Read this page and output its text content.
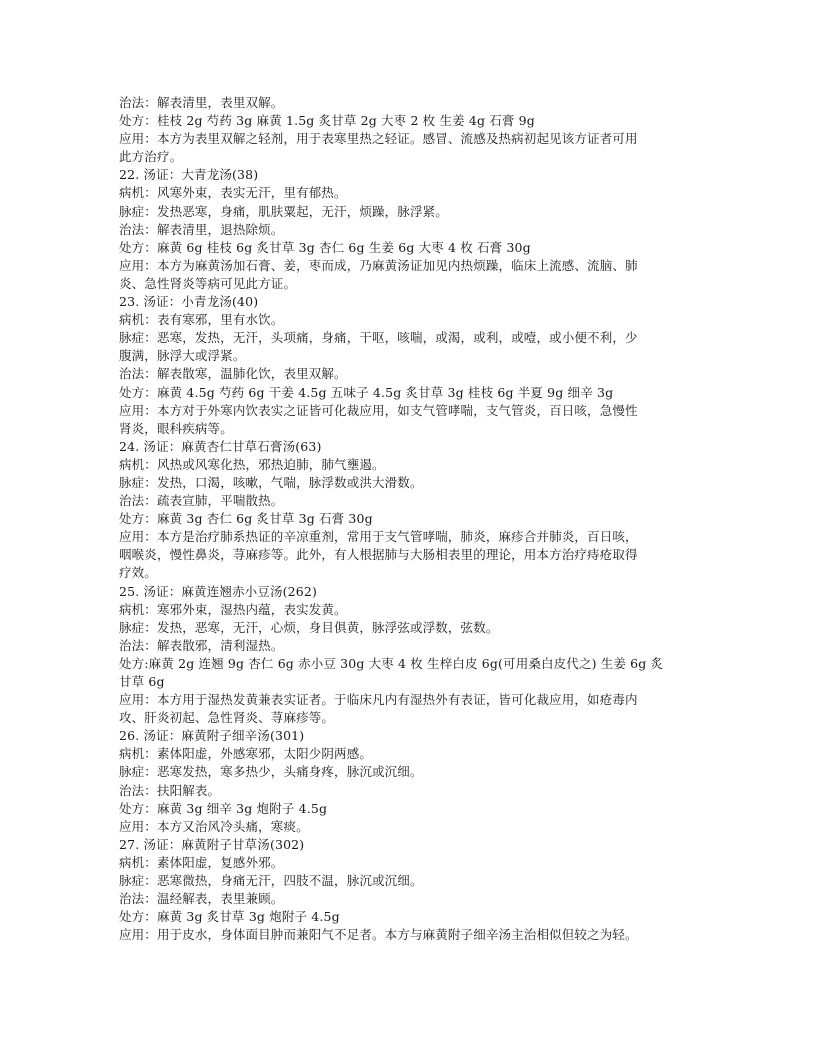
治法：解表清里，表里双解。
处方：桂枝 2g 芍药 3g 麻黄 1.5g 炙甘草 2g 大枣 2 枚 生姜 4g 石膏 9g
应用：本方为表里双解之轻剂，用于表寒里热之轻证。感冒、流感及热病初起见该方证者可用
此方治疗。
22. 汤证：大青龙汤(38)
病机：风寒外束，表实无汗，里有郁热。
脉症：发热恶寒，身痛，肌肤粟起，无汗，烦躁，脉浮紧。
治法：解表清里，退热除烦。
处方：麻黄 6g 桂枝 6g 炙甘草 3g 杏仁 6g 生姜 6g 大枣 4 枚 石膏 30g
应用：本方为麻黄汤加石膏、姜，枣而成，乃麻黄汤证加见内热烦躁，临床上流感、流脑、肺
炎、急性肾炎等病可见此方证。
23. 汤证：小青龙汤(40)
病机：表有寒邪，里有水饮。
脉症：恶寒，发热，无汗，头项痛，身痛，干呕，咳喘，或渴，或利，或噎，或小便不利，少
腹满，脉浮大或浮紧。
治法：解表散寒，温肺化饮，表里双解。
处方：麻黄 4.5g 芍药 6g 干姜 4.5g 五味子 4.5g 炙甘草 3g 桂枝 6g 半夏 9g 细辛 3g
应用：本方对于外寒内饮表实之证皆可化裁应用，如支气管哮喘，支气管炎，百日咳，急慢性
肾炎，眼科疾病等。
24. 汤证：麻黄杏仁甘草石膏汤(63)
病机：风热或风寒化热，邪热迫肺，肺气壅遏。
脉症：发热，口渴，咳嗽，气喘，脉浮数或洪大滑数。
治法：疏表宣肺，平喘散热。
处方：麻黄 3g 杏仁 6g 炙甘草 3g 石膏 30g
应用：本方是治疗肺系热证的辛凉重剂，常用于支气管哮喘，肺炎，麻疹合并肺炎，百日咳，
咽喉炎，慢性鼻炎，荨麻疹等。此外，有人根据肺与大肠相表里的理论，用本方治疗痔疮取得
疗效。
25. 汤证：麻黄连翘赤小豆汤(262)
病机：寒邪外束，湿热内蕴，表实发黄。
脉症：发热，恶寒，无汗，心烦，身目俱黄，脉浮弦或浮数，弦数。
治法：解表散邪，清利湿热。
处方:麻黄 2g 连翘 9g 杏仁 6g 赤小豆 30g 大枣 4 枚 生梓白皮 6g(可用桑白皮代之) 生姜 6g 炙
甘草 6g
应用：本方用于湿热发黄兼表实证者。于临床凡内有湿热外有表证，皆可化裁应用，如疮毒内
攻、肝炎初起、急性肾炎、荨麻疹等。
26. 汤证：麻黄附子细辛汤(301)
病机：素体阳虚，外感寒邪，太阳少阴两感。
脉症：恶寒发热，寒多热少，头痛身疼，脉沉或沉细。
治法：扶阳解表。
处方：麻黄 3g 细辛 3g 炮附子 4.5g
应用：本方又治风冷头痛，寒痰。
27. 汤证：麻黄附子甘草汤(302)
病机：素体阳虚，复感外邪。
脉症：恶寒微热，身痛无汗，四肢不温，脉沉或沉细。
治法：温经解表，表里兼顾。
处方：麻黄 3g 炙甘草 3g 炮附子 4.5g
应用：用于皮水，身体面目肿而兼阳气不足者。本方与麻黄附子细辛汤主治相似但较之为轻。
